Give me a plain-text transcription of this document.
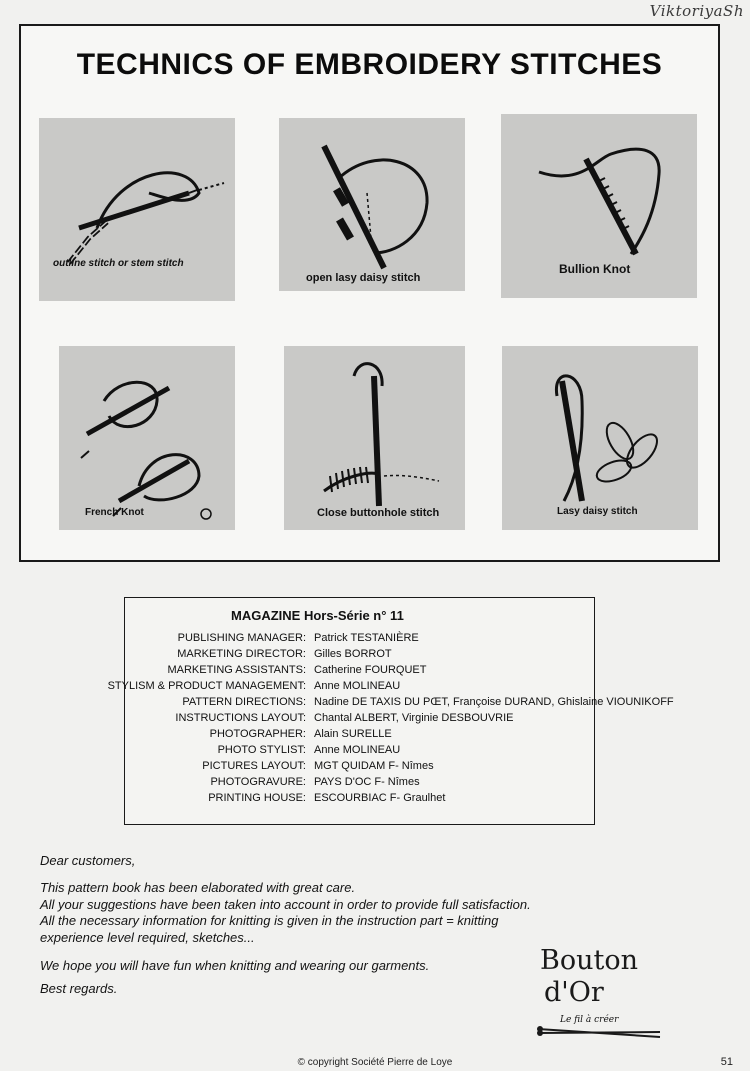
ViktoriyaSh
TECHNICS OF EMBROIDERY STITCHES
outline stitch or stem stitch
open lasy daisy stitch
Bullion Knot
French Knot	Close buttonhole stitch	Lasy daisy stitch
MAGAZINE Hors-Série n° 11
PUBLISHING MANAGER: Patrick TESTANIÈRE
MARKETING DIRECTOR: Gilles BORROT
MARKETING ASSISTANTS: Catherine FOURQUET
STYLISM & PRODUCT MANAGEMENT: Anne MOLINEAU
PATTERN DIRECTIONS: Nadine DE TAXIS DU PŒT, Françoise DURAND, Ghislaine VIOUNIKOFF
INSTRUCTIONS LAYOUT: Chantal ALBERT, Virginie DESBOUVRIE
PHOTOGRAPHER: Alain SURELLE
PHOTO STYLIST: Anne MOLINEAU
PICTURES LAYOUT: MGT QUIDAM F- Nîmes
PHOTOGRAVURE: PAYS D'OC F- Nîmes
PRINTING HOUSE: ESCOURBIAC F- Graulhet
Dear customers,
This pattern book has been elaborated with great care.
All your suggestions have been taken into account in order to provide full satisfaction.
All the necessary information for knitting is given in the instruction part = knitting
experience level required, sketches...
We hope you will have fun when knitting and wearing our garments.
Best regards.
Bouton
d'Or
Le fil à créer
© copyright Société Pierre de Loye	51
